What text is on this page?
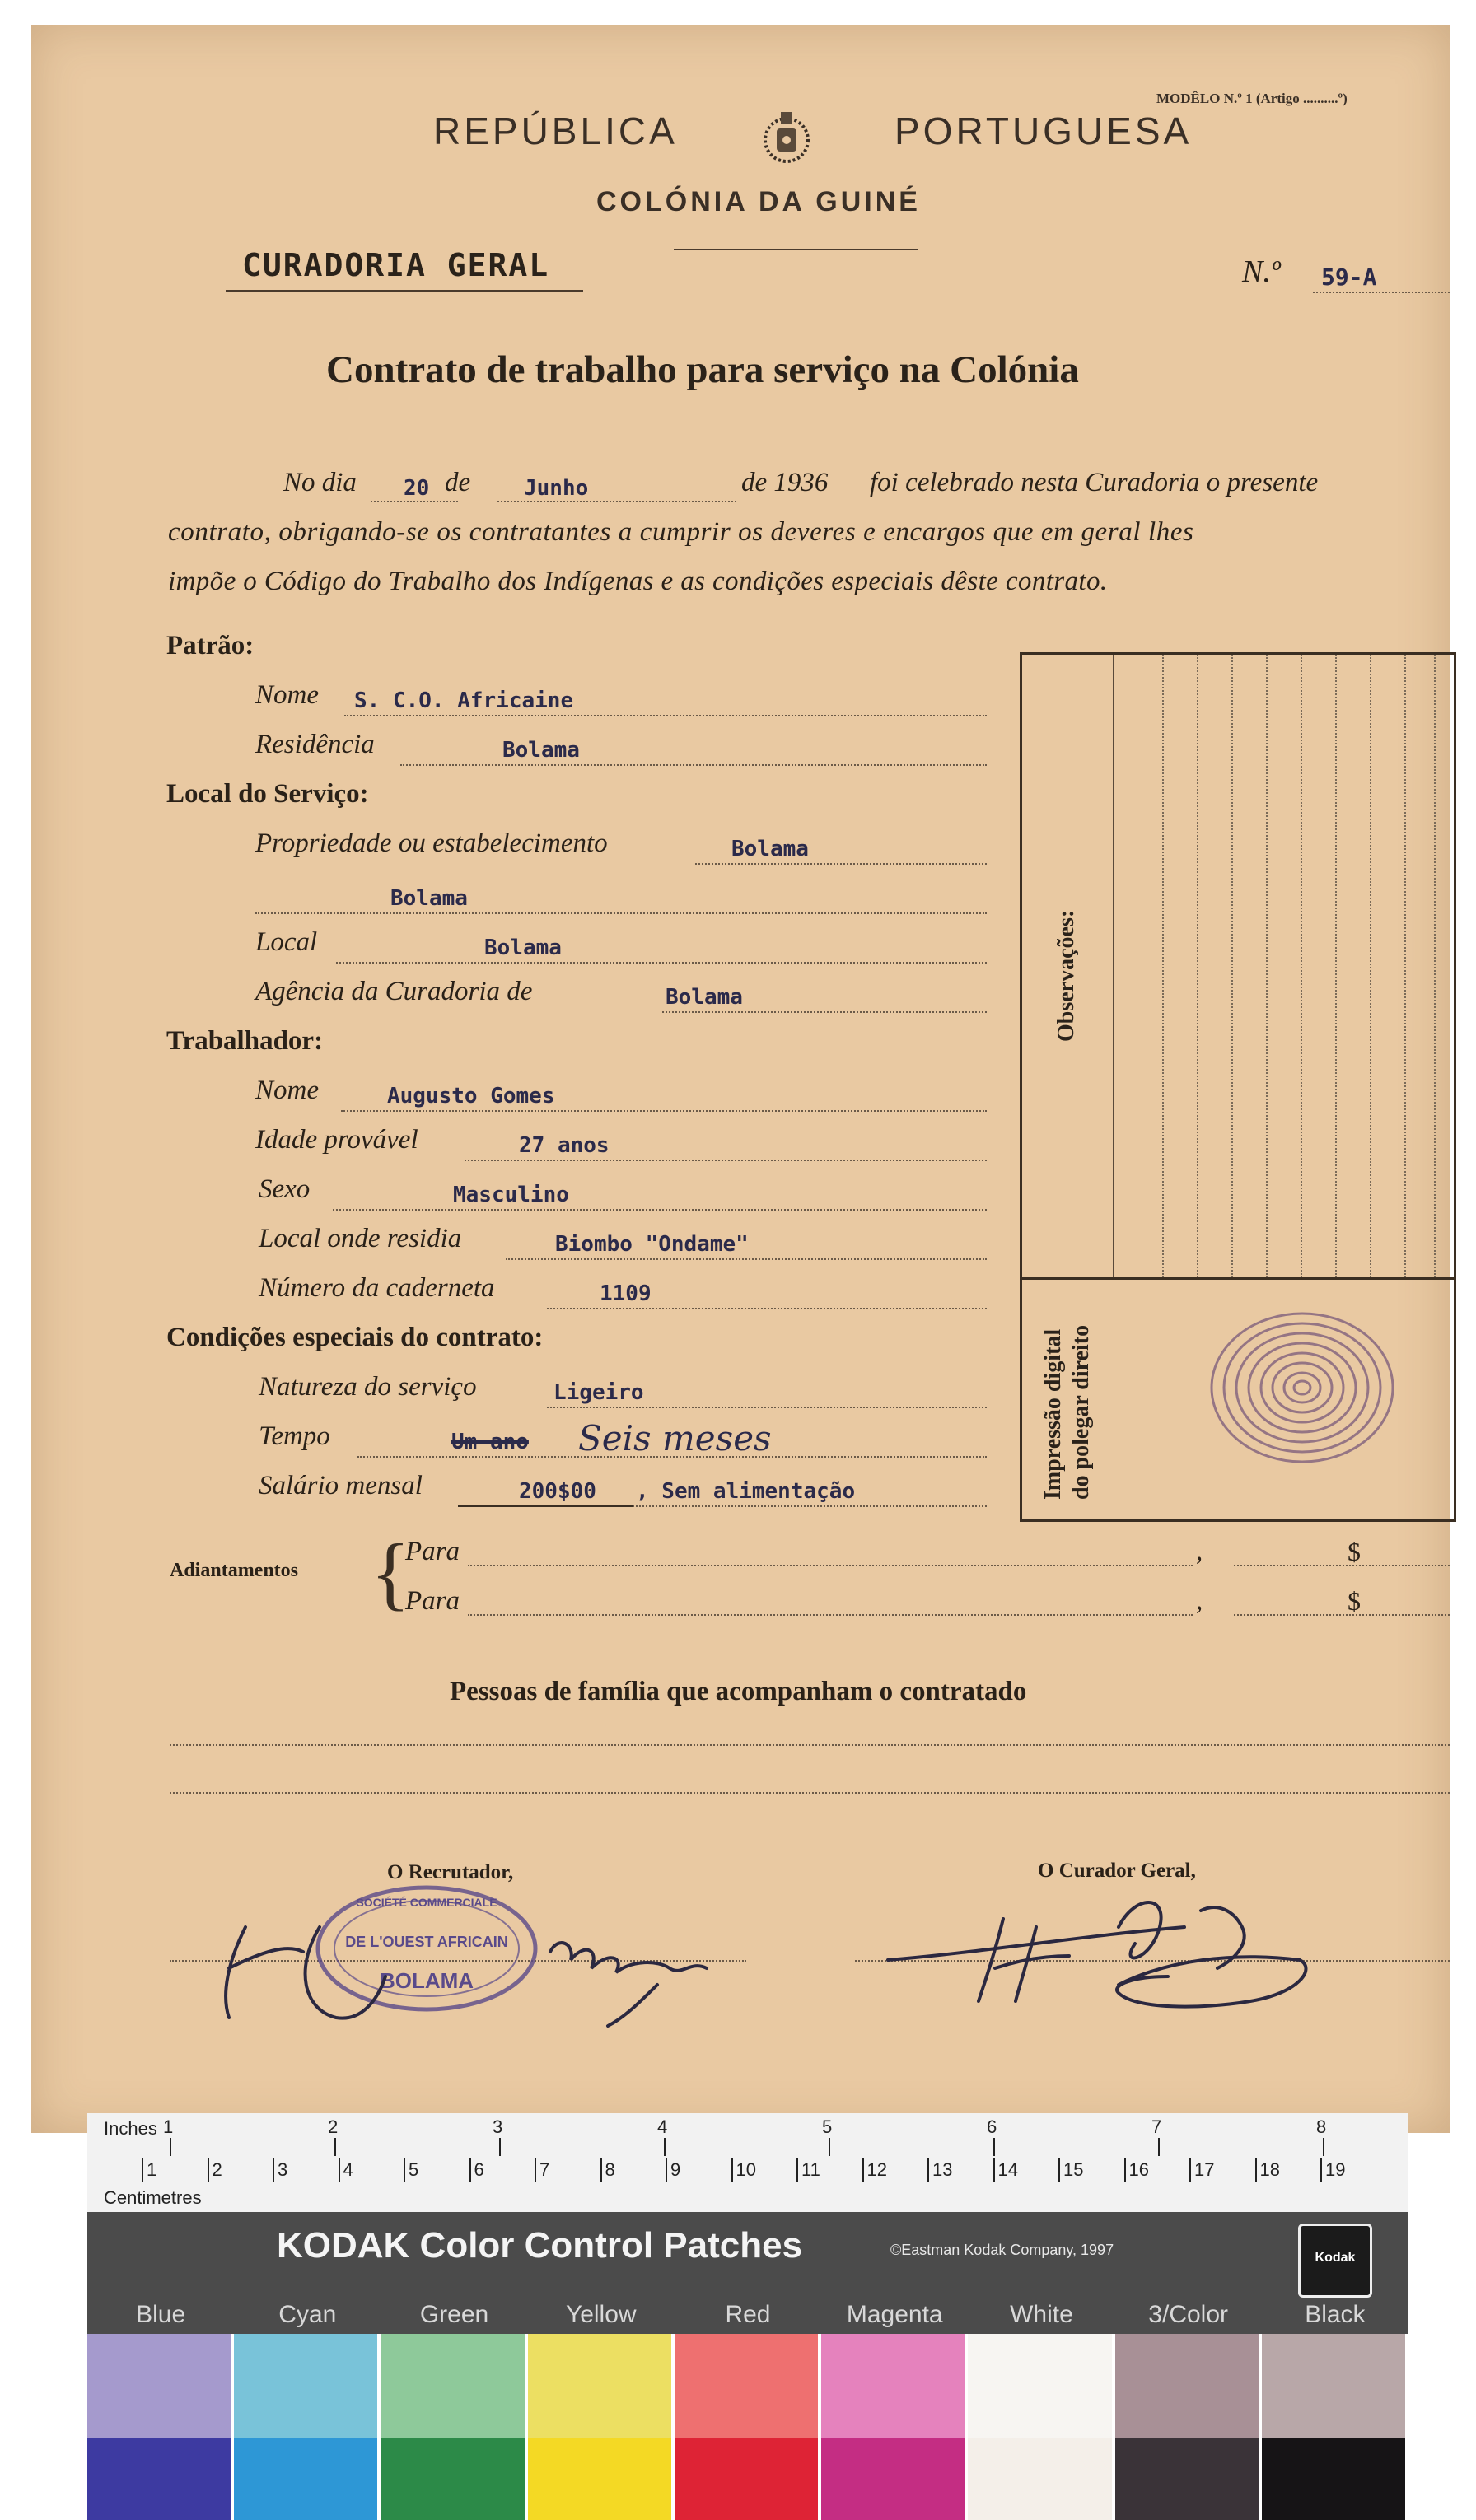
MODÊLO N.º 1 (Artigo ..........º)
REPÚBLICA	PORTUGUESA
COLÓNIA DA GUINÉ
CURADORIA GERAL	N.º 59-A
Contrato de trabalho para serviço na Colónia
No dia 20 de Junho	de 1936 foi celebrado nesta Curadoria o presente
contrato, obrigando-se os contratantes a cumprir os deveres e encargos que em geral lhes
impõe o Código do Trabalho dos Indígenas e as condições especiais dêste contrato.
Patrão:
Nome S. C.O. Africaine
Residência	Bolama
Local do Serviço:
Propriedade ou estabelecimento	Bolama
Bolama
Local	Bolama
Agência da Curadoria de	Bolama
Trabalhador:
Nome	Augusto Gomes
Idade provável	27 anos
Sexo	Masculino
Local onde residia	Biombo "Ondame"
Número da caderneta	1109
Condições especiais do contrato:
Natureza do serviço	Ligeiro
Tempo	Um ano Seis meses
Salário mensal	200$00 , Sem alimentação
Observações:
Impressão digital do polegar direito
Adiantamentos {
Para	,	$
Para	,	$
Pessoas de família que acompanham o contratado
O Recrutador,	O Curador Geral,
SOCIÉTÉ COMMERCIALE
DE L'OUEST AFRICAIN
BOLAMA
Inches 1	2	3	4	5	6	7	8
1	2	3	4	5	6	7	8	9	10	11	12	13	14	15	16	17	18	19
Centimetres
KODAK Color Control Patches	©Eastman Kodak Company, 1997	Kodak
Blue	Cyan	Green	Yellow	Red	Magenta	White	3/Color	Black
